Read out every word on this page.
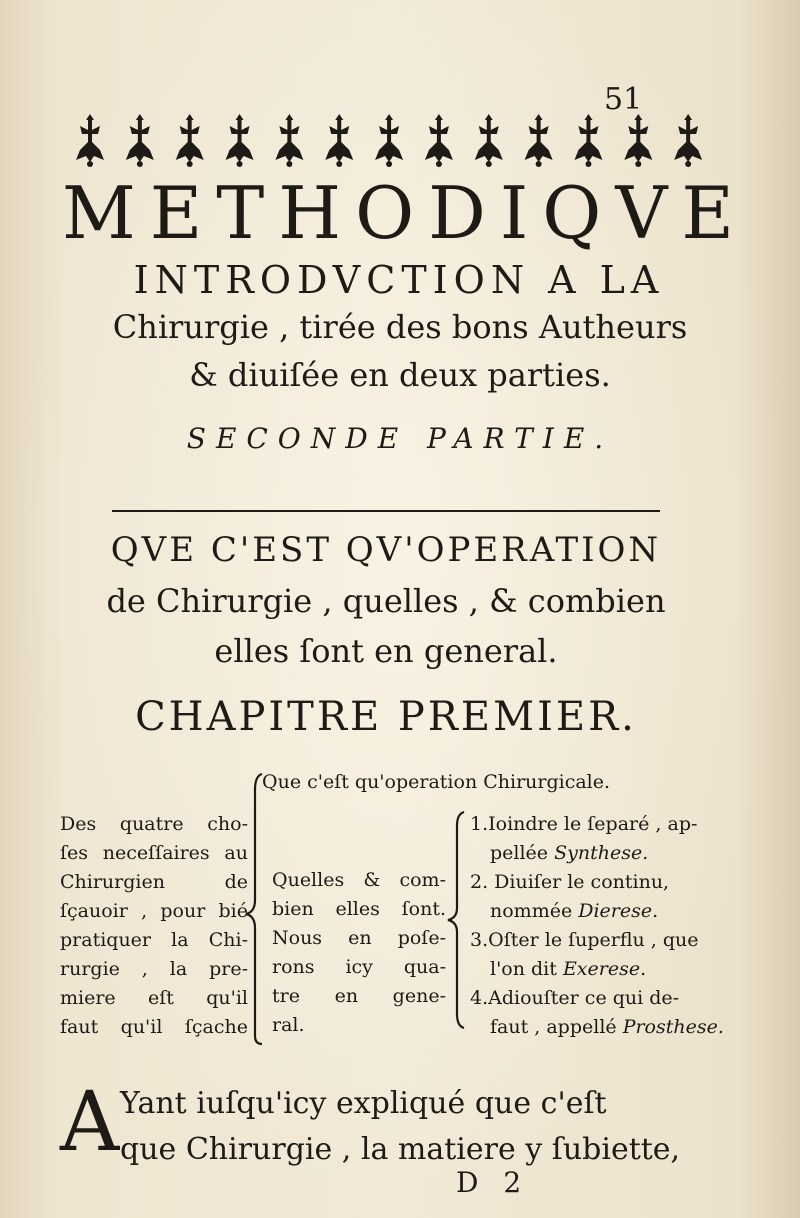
51
METHODIQVE
INTRODVCTION A LA
Chirurgie , tirée des bons Autheurs
& diuiſée en deux parties.
SECONDE PARTIE.
QVE C'EST QV'OPERATION
de Chirurgie , quelles , & combien
elles ſont en general.
CHAPITRE PREMIER.
Que c'eſt qu'operation Chirurgicale.
Des quatre cho-
ſes neceſſaires au
Chirurgien de
ſçauoir , pour bié
pratiquer la Chi-
rurgie , la pre-
miere eſt qu'il
faut qu'il ſçache
Quelles & com-
bien elles ſont.
Nous en poſe-
rons icy qua-
tre en gene-
ral.
1.Ioindre le ſeparé , ap-
pellée Synthese.
2. Diuiſer le continu,
nommée Dierese.
3.Oſter le ſuperflu , que
l'on dit Exerese.
4.Adiouſter ce qui de-
faut , appellé Prosthese.
A Yant iuſqu'icy expliqué que c'eſt
que Chirurgie , la matiere y ſubiette,
D 2
